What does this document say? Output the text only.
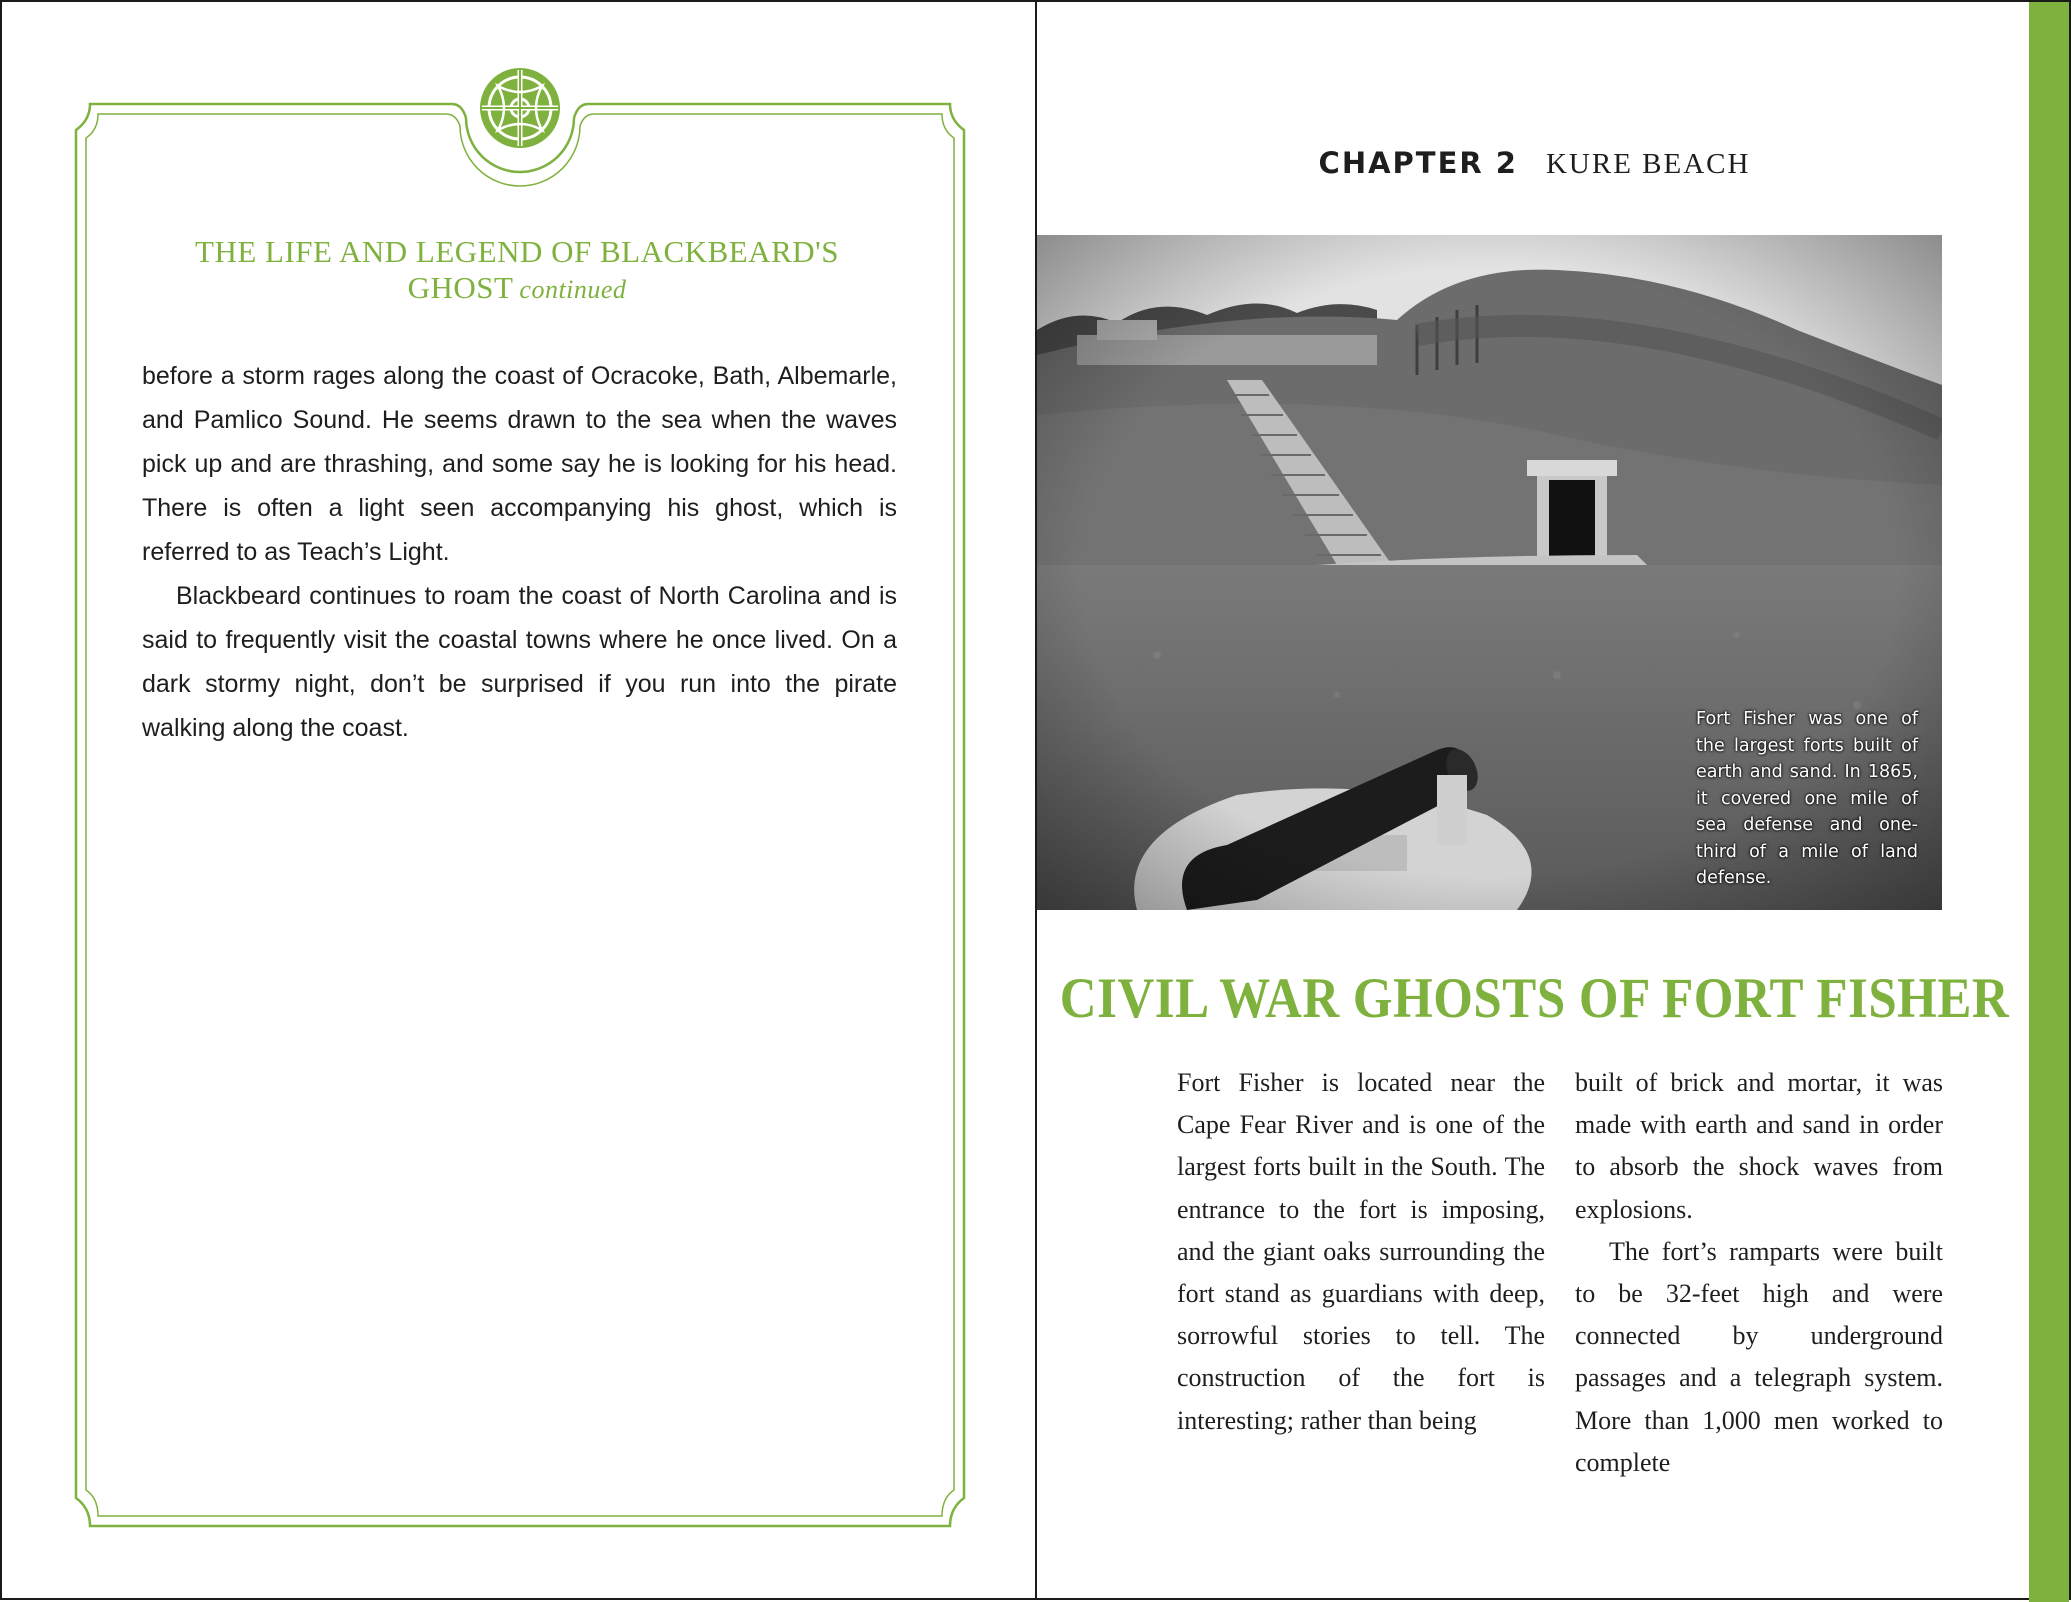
THE LIFE AND LEGEND OF BLACKBEARD'S GHOST continued

before a storm rages along the coast of Ocracoke, Bath, Albemarle, and Pamlico Sound. He seems drawn to the sea when the waves pick up and are thrashing, and some say he is looking for his head. There is often a light seen accompanying his ghost, which is referred to as Teach’s Light.

Blackbeard continues to roam the coast of North Carolina and is said to frequently visit the coastal towns where he once lived. On a dark stormy night, don’t be surprised if you run into the pirate walking along the coast.

CHAPTER 2 KURE BEACH
CIVIL WAR GHOSTS OF FORT FISHER

Fort Fisher is located near the Cape Fear River and is one of the largest forts built in the South. The entrance to the fort is imposing, and the giant oaks surrounding the fort stand as guardians with deep, sorrowful stories to tell. The construction of the fort is interesting; rather than being

built of brick and mortar, it was made with earth and sand in order to absorb the shock waves from explosions.

The fort’s ramparts were built to be 32-feet high and were connected by underground passages and a telegraph system. More than 1,000 men worked to complete

Fort Fisher was one of the largest forts built of earth and sand. In 1865, it covered one mile of sea defense and one-third of a mile of land defense.
